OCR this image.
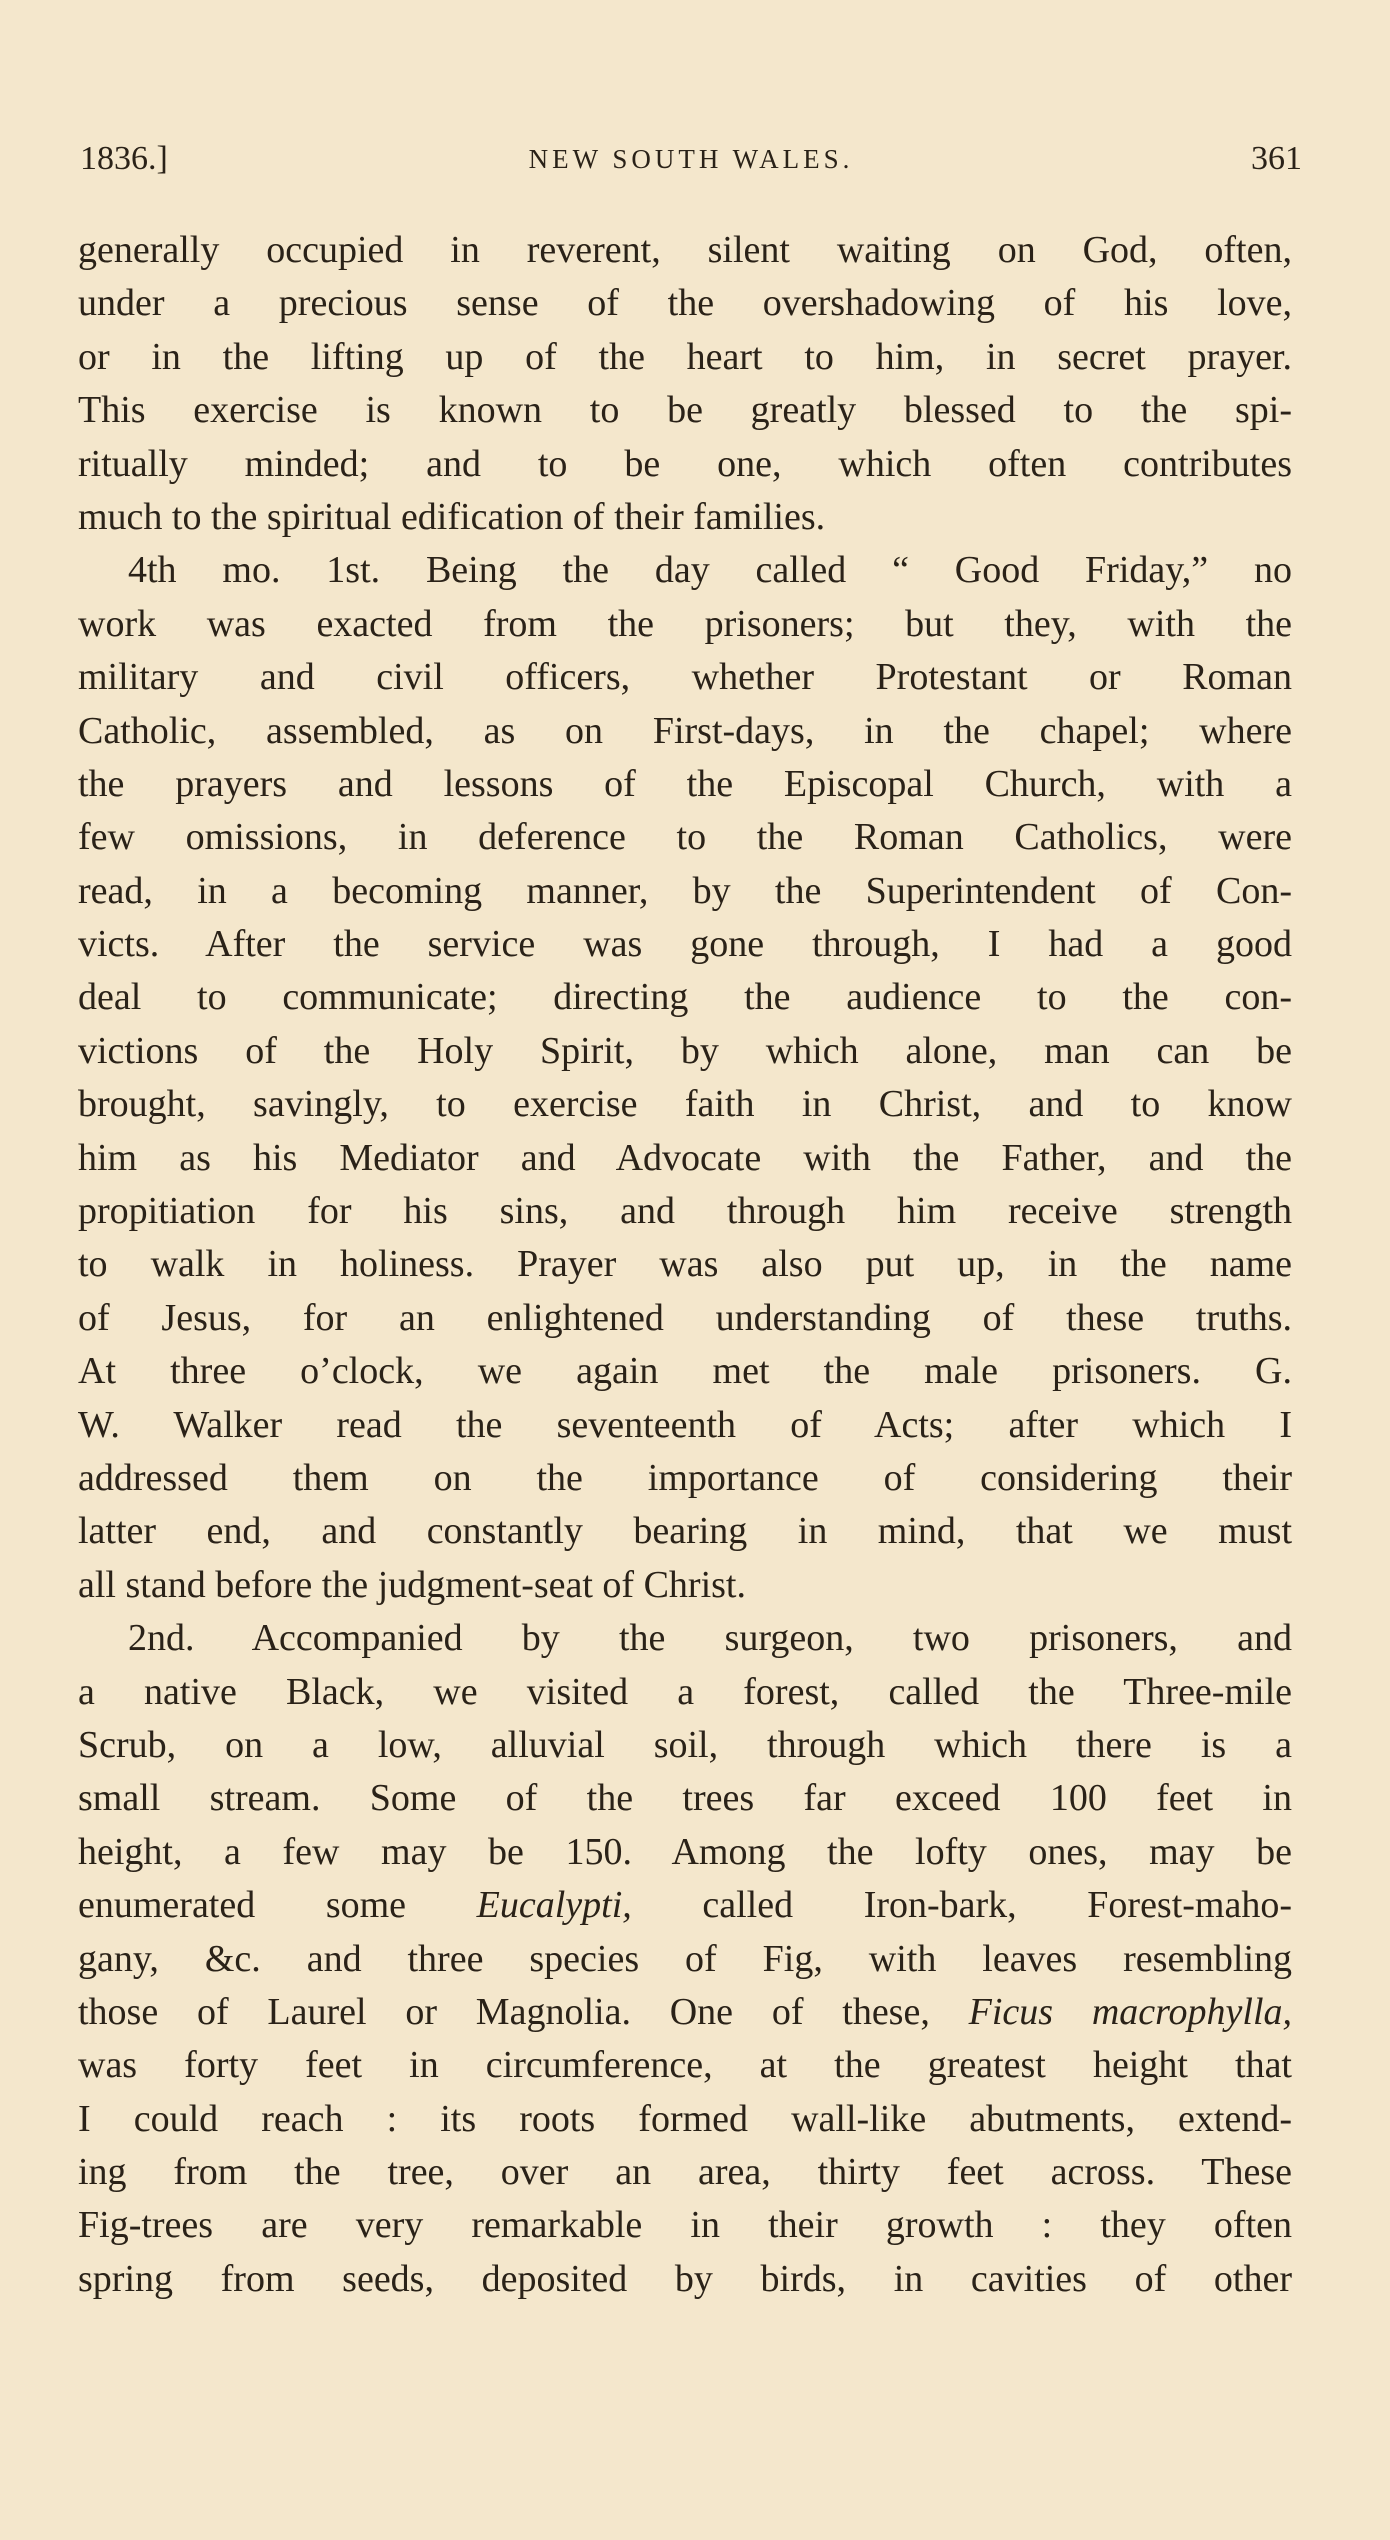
1836.]	NEW SOUTH WALES.	361
generally occupied in reverent, silent waiting on God, often,
under a precious sense of the overshadowing of his love,
or in the lifting up of the heart to him, in secret prayer.
This exercise is known to be greatly blessed to the spi-
ritually minded; and to be one, which often contributes
much to the spiritual edification of their families.
4th mo. 1st. Being the day called “ Good Friday,” no
work was exacted from the prisoners; but they, with the
military and civil officers, whether Protestant or Roman
Catholic, assembled, as on First-days, in the chapel; where
the prayers and lessons of the Episcopal Church, with a
few omissions, in deference to the Roman Catholics, were
read, in a becoming manner, by the Superintendent of Con-
victs. After the service was gone through, I had a good
deal to communicate; directing the audience to the con-
victions of the Holy Spirit, by which alone, man can be
brought, savingly, to exercise faith in Christ, and to know
him as his Mediator and Advocate with the Father, and the
propitiation for his sins, and through him receive strength
to walk in holiness. Prayer was also put up, in the name
of Jesus, for an enlightened understanding of these truths.
At three o’clock, we again met the male prisoners. G.
W. Walker read the seventeenth of Acts; after which I
addressed them on the importance of considering their
latter end, and constantly bearing in mind, that we must
all stand before the judgment-seat of Christ.
2nd. Accompanied by the surgeon, two prisoners, and
a native Black, we visited a forest, called the Three-mile
Scrub, on a low, alluvial soil, through which there is a
small stream. Some of the trees far exceed 100 feet in
height, a few may be 150. Among the lofty ones, may be
enumerated some Eucalypti, called Iron-bark, Forest-maho-
gany, &c. and three species of Fig, with leaves resembling
those of Laurel or Magnolia. One of these, Ficus macrophylla,
was forty feet in circumference, at the greatest height that
I could reach : its roots formed wall-like abutments, extend-
ing from the tree, over an area, thirty feet across. These
Fig-trees are very remarkable in their growth : they often
spring from seeds, deposited by birds, in cavities of other
